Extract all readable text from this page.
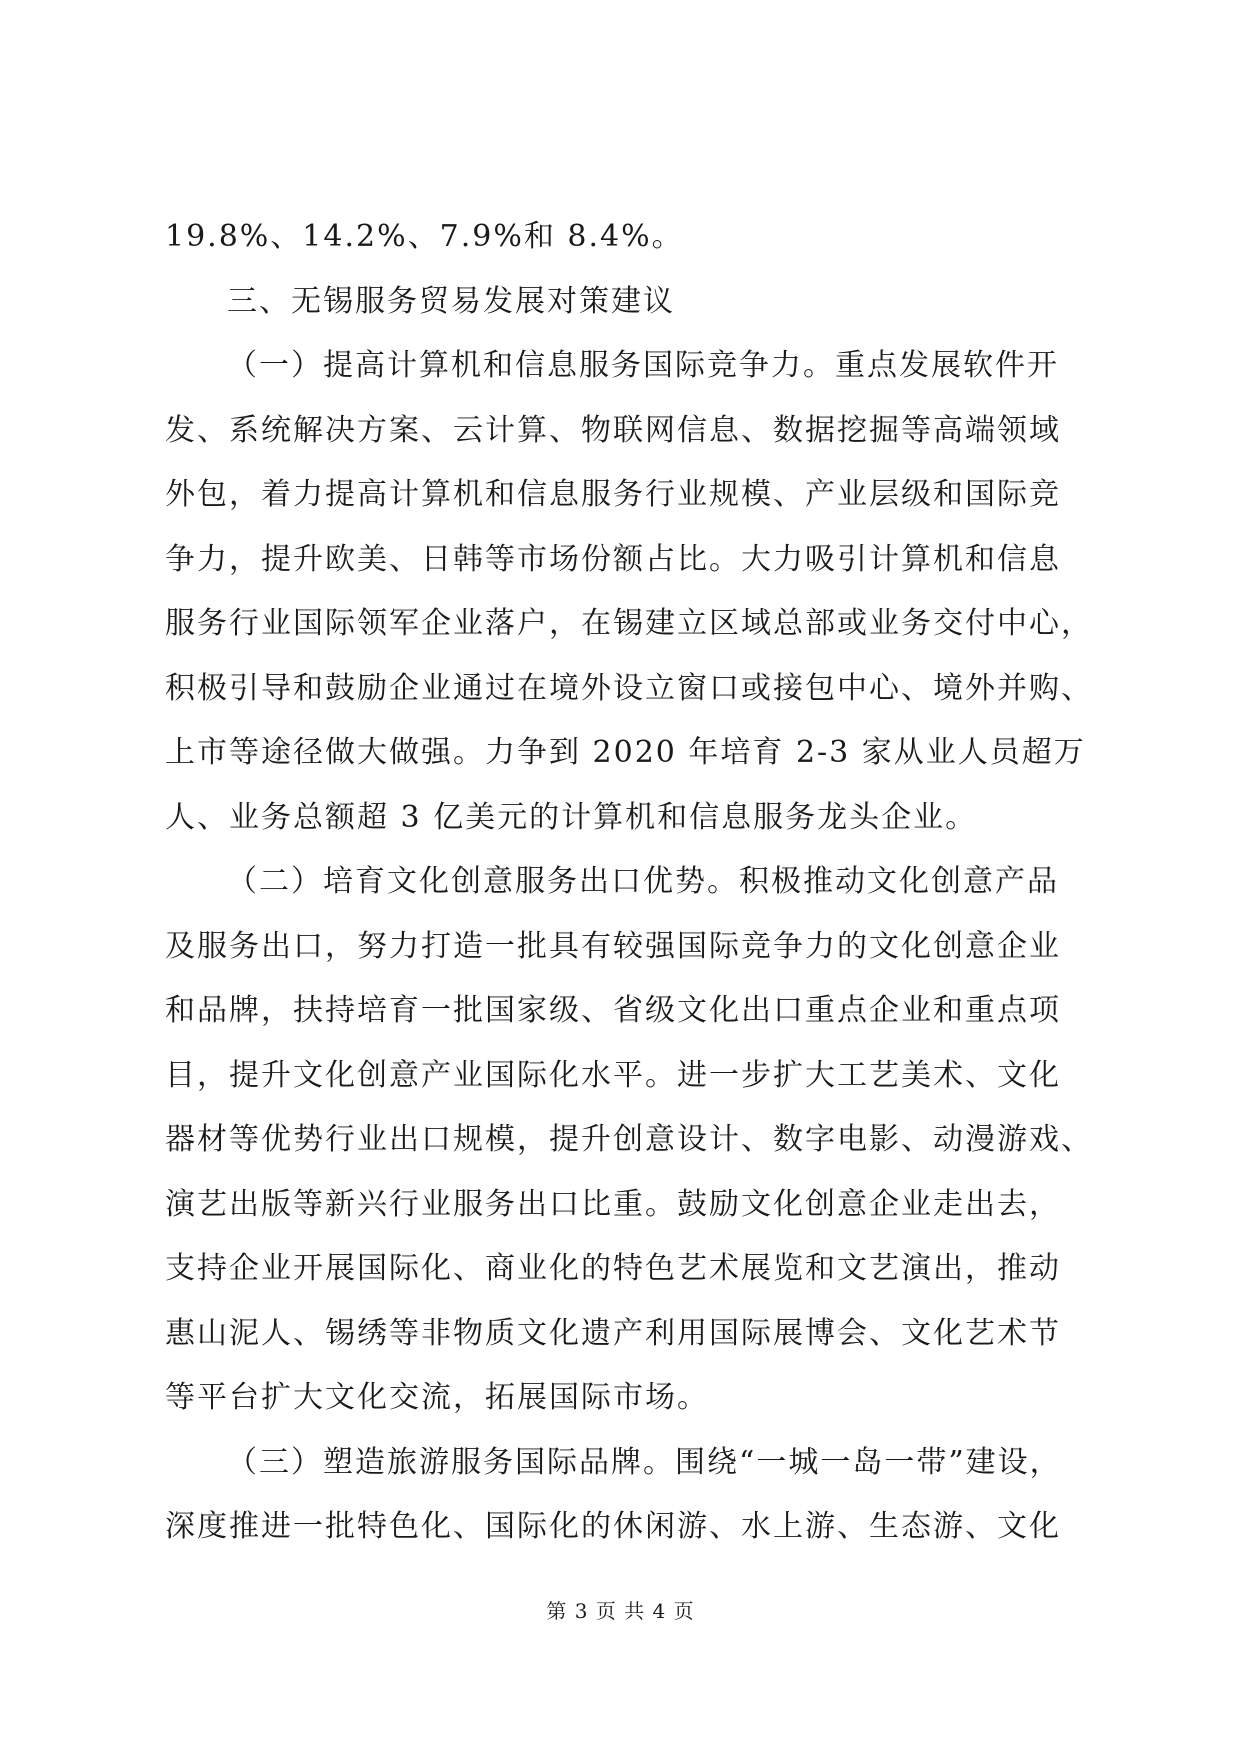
19.8%、14.2%、7.9%和 8.4%。
三、无锡服务贸易发展对策建议
（一）提高计算机和信息服务国际竞争力。重点发展软件开
发、系统解决方案、云计算、物联网信息、数据挖掘等高端领域
外包，着力提高计算机和信息服务行业规模、产业层级和国际竞
争力，提升欧美、日韩等市场份额占比。大力吸引计算机和信息
服务行业国际领军企业落户，在锡建立区域总部或业务交付中心，
积极引导和鼓励企业通过在境外设立窗口或接包中心、境外并购、
上市等途径做大做强。力争到 2020 年培育 2-3 家从业人员超万
人、业务总额超 3 亿美元的计算机和信息服务龙头企业。
（二）培育文化创意服务出口优势。积极推动文化创意产品
及服务出口，努力打造一批具有较强国际竞争力的文化创意企业
和品牌，扶持培育一批国家级、省级文化出口重点企业和重点项
目，提升文化创意产业国际化水平。进一步扩大工艺美术、文化
器材等优势行业出口规模，提升创意设计、数字电影、动漫游戏、
演艺出版等新兴行业服务出口比重。鼓励文化创意企业走出去，
支持企业开展国际化、商业化的特色艺术展览和文艺演出，推动
惠山泥人、锡绣等非物质文化遗产利用国际展博会、文化艺术节
等平台扩大文化交流，拓展国际市场。
（三）塑造旅游服务国际品牌。围绕“一城一岛一带”建设，
深度推进一批特色化、国际化的休闲游、水上游、生态游、文化
第 3 页 共 4 页
